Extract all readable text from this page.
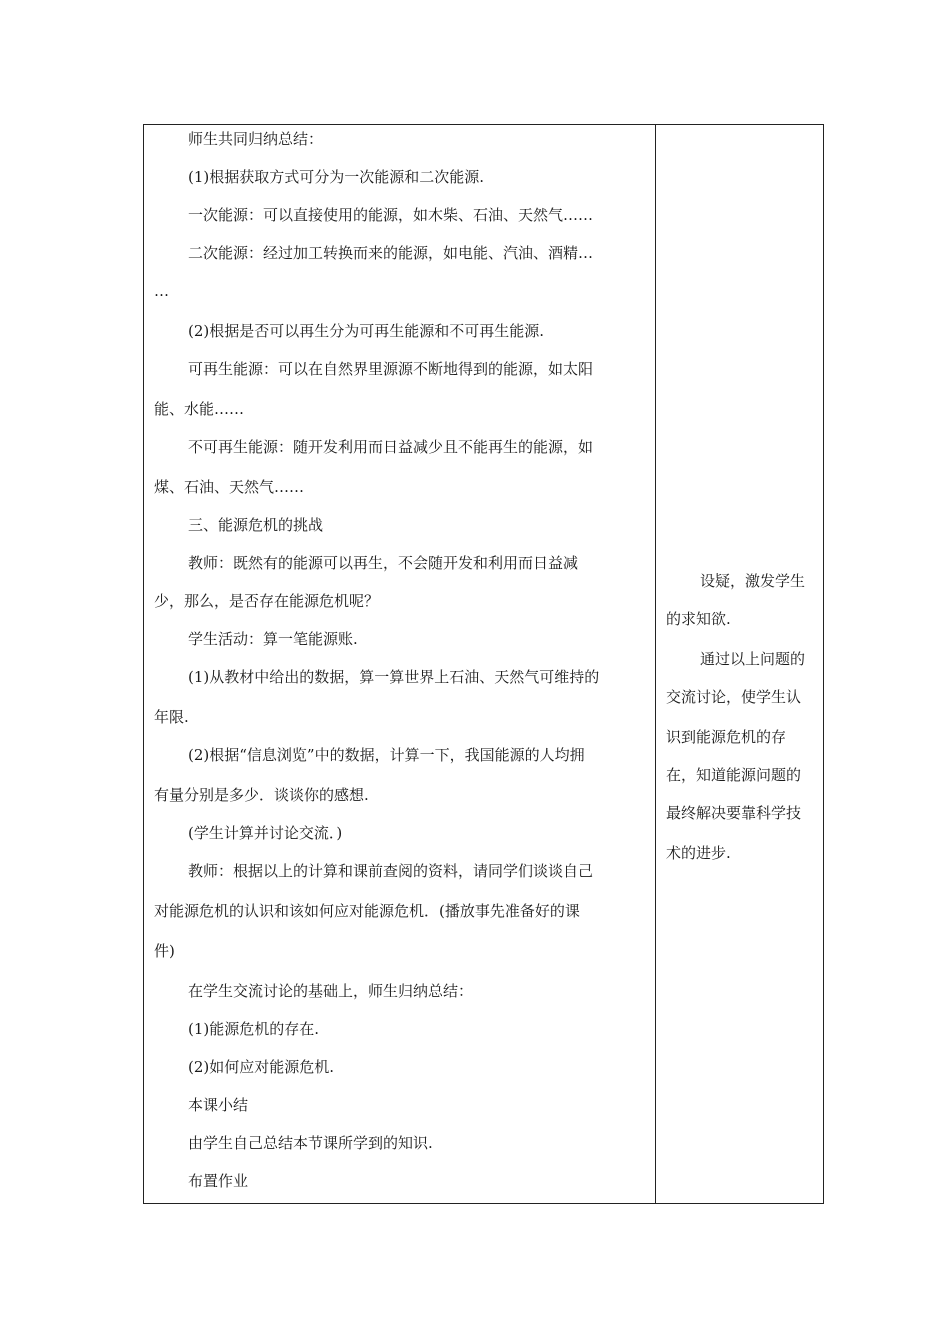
师生共同归纳总结：
(1)根据获取方式可分为一次能源和二次能源.
一次能源：可以直接使用的能源，如木柴、石油、天然气……
二次能源：经过加工转换而来的能源，如电能、汽油、酒精…
…
(2)根据是否可以再生分为可再生能源和不可再生能源.
可再生能源：可以在自然界里源源不断地得到的能源，如太阳
能、水能……
不可再生能源：随开发利用而日益减少且不能再生的能源，如
煤、石油、天然气……
三、能源危机的挑战
教师：既然有的能源可以再生，不会随开发和利用而日益减
少，那么，是否存在能源危机呢？
学生活动：算一笔能源账.
(1)从教材中给出的数据，算一算世界上石油、天然气可维持的
年限.
(2)根据“信息浏览”中的数据，计算一下，我国能源的人均拥
有量分别是多少．谈谈你的感想.
(学生计算并讨论交流．)
教师：根据以上的计算和课前查阅的资料，请同学们谈谈自己
对能源危机的认识和该如何应对能源危机．(播放事先准备好的课
件)
在学生交流讨论的基础上，师生归纳总结：
(1)能源危机的存在.
(2)如何应对能源危机.
本课小结
由学生自己总结本节课所学到的知识.
布置作业
设疑，激发学生
的求知欲.
通过以上问题的
交流讨论，使学生认
识到能源危机的存
在，知道能源问题的
最终解决要靠科学技
术的进步.
